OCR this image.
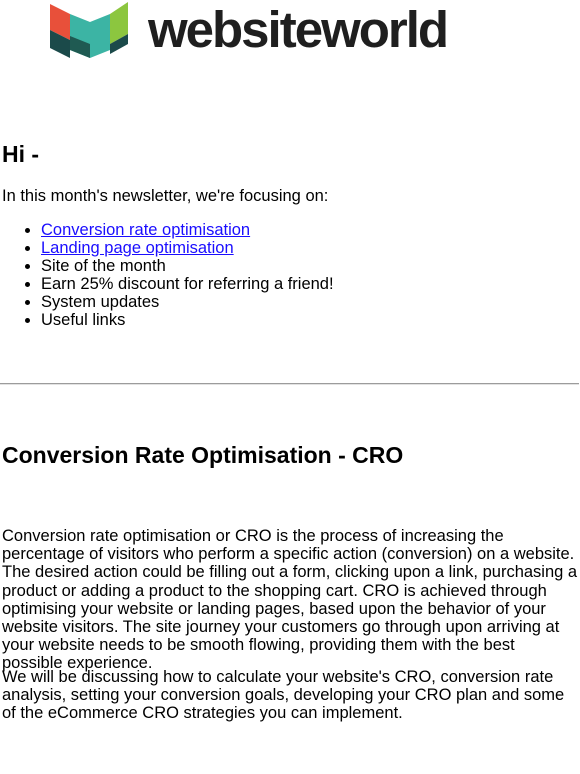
websiteworld
Hi -

In this month's newsletter, we're focusing on:

• Conversion rate optimisation
• Landing page optimisation
• Site of the month
• Earn 25% discount for referring a friend!
• System updates
• Useful links
Conversion Rate Optimisation - CRO

Conversion rate optimisation or CRO is the process of increasing the percentage of visitors who perform a specific action (conversion) on a website. The desired action could be filling out a form, clicking upon a link, purchasing a product or adding a product to the shopping cart. CRO is achieved through optimising your website or landing pages, based upon the behavior of your website visitors. The site journey your customers go through upon arriving at your website needs to be smooth flowing, providing them with the best possible experience.

We will be discussing how to calculate your website's CRO, conversion rate analysis, setting your conversion goals, developing your CRO plan and some of the eCommerce CRO strategies you can implement.
